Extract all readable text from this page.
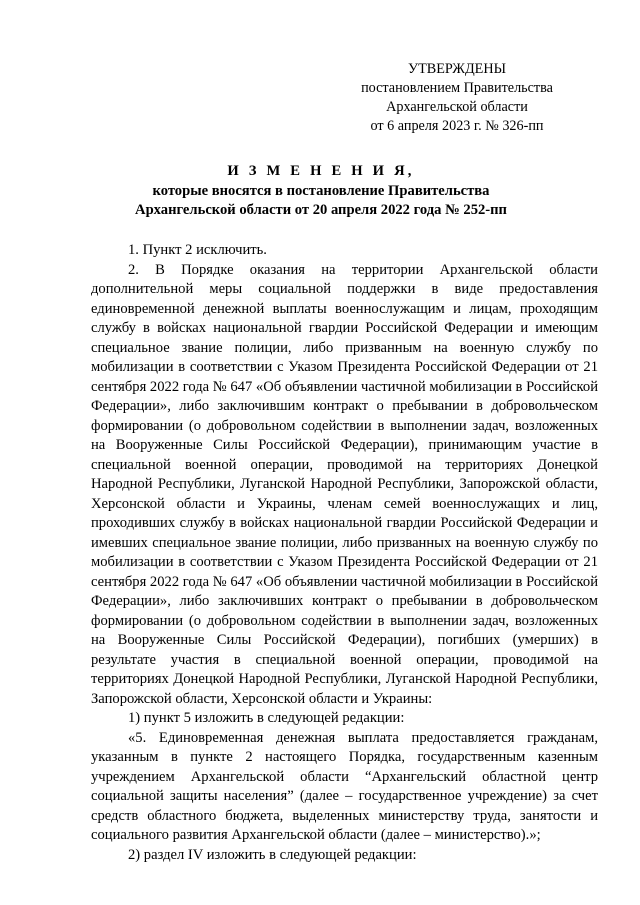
УТВЕРЖДЕНЫ
постановлением Правительства
Архангельской области
от 6 апреля 2023 г. № 326-пп
И З М Е Н Е Н И Я,
которые вносятся в постановление Правительства
Архангельской области от 20 апреля 2022 года № 252-пп

1. Пункт 2 исключить.

2. В Порядке оказания на территории Архангельской области дополнительной меры социальной поддержки в виде предоставления единовременной денежной выплаты военнослужащим и лицам, проходящим службу в войсках национальной гвардии Российской Федерации и имеющим специальное звание полиции, либо призванным на военную службу по мобилизации в соответствии с Указом Президента Российской Федерации от 21 сентября 2022 года № 647 «Об объявлении частичной мобилизации в Российской Федерации», либо заключившим контракт о пребывании в добровольческом формировании (о добровольном содействии в выполнении задач, возложенных на Вооруженные Силы Российской Федерации), принимающим участие в специальной военной операции, проводимой на территориях Донецкой Народной Республики, Луганской Народной Республики, Запорожской области, Херсонской области и Украины, членам семей военнослужащих и лиц, проходивших службу в войсках национальной гвардии Российской Федерации и имевших специальное звание полиции, либо призванных на военную службу по мобилизации в соответствии с Указом Президента Российской Федерации от 21 сентября 2022 года № 647 «Об объявлении частичной мобилизации в Российской Федерации», либо заключивших контракт о пребывании в добровольческом формировании (о добровольном содействии в выполнении задач, возложенных на Вооруженные Силы Российской Федерации), погибших (умерших) в результате участия в специальной военной операции, проводимой на территориях Донецкой Народной Республики, Луганской Народной Республики, Запорожской области, Херсонской области и Украины:

1) пункт 5 изложить в следующей редакции:

«5. Единовременная денежная выплата предоставляется гражданам, указанным в пункте 2 настоящего Порядка, государственным казенным учреждением Архангельской области “Архангельский областной центр социальной защиты населения” (далее – государственное учреждение) за счет средств областного бюджета, выделенных министерству труда, занятости и социального развития Архангельской области (далее – министерство).»;

2) раздел IV изложить в следующей редакции:
